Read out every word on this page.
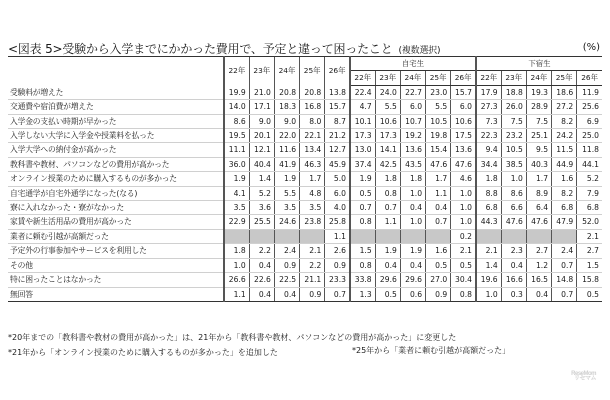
<図表 5>受験から入学までにかかった費用で、予定と違って困ったこと (複数選択)	(%)
	22年	23年	24年	25年	26年	自宅生					下宿生				
						22年	23年	24年	25年	26年	22年	23年	24年	25年	26年
受験料が増えた	19.9	21.0	20.8	20.8	13.8	22.4	24.0	22.7	23.0	15.7	17.9	18.8	19.3	18.6	11.9
交通費や宿泊費が増えた	14.0	17.1	18.3	16.8	15.7	4.7	5.5	6.0	5.5	6.0	27.3	26.0	28.9	27.2	25.6
入学金の支払い時期が早かった	8.6	9.0	9.0	8.0	8.7	10.1	10.6	10.7	10.5	10.6	7.3	7.5	7.5	8.2	6.9
入学しない大学に入学金や授業料を払った	19.5	20.1	22.0	22.1	21.2	17.3	17.3	19.2	19.8	17.5	22.3	23.2	25.1	24.2	25.0
入学大学への納付金が高かった	11.1	12.1	11.6	13.4	12.7	13.0	14.1	13.6	15.4	13.6	9.4	10.5	9.5	11.5	11.8
教科書や教材、パソコンなどの費用が高かった	36.0	40.4	41.9	46.3	45.9	37.4	42.5	43.5	47.6	47.6	34.4	38.5	40.3	44.9	44.1
オンライン授業のために購入するものが多かった	1.9	1.4	1.9	1.7	5.0	1.9	1.8	1.8	1.7	4.6	1.8	1.0	1.7	1.6	5.2
自宅通学が自宅外通学になった(なる)	4.1	5.2	5.5	4.8	6.0	0.5	0.8	1.0	1.1	1.0	8.8	8.6	8.9	8.2	7.9
寮に入れなかった・寮がなかった	3.5	3.6	3.5	3.5	4.0	0.7	0.7	0.4	0.4	1.0	6.8	6.6	6.4	6.8	6.8
家賃や新生活用品の費用が高かった	22.9	25.5	24.6	23.8	25.8	0.8	1.1	1.0	0.7	1.0	44.3	47.6	47.6	47.9	52.0
業者に頼む引越が高額だった					1.1					0.2					2.1
予定外の行事参加やサービスを利用した	1.8	2.2	2.4	2.1	2.6	1.5	1.9	1.9	1.6	2.1	2.1	2.3	2.7	2.4	2.7
その他	1.0	0.4	0.9	2.2	0.9	0.8	0.4	0.4	0.5	0.5	1.4	0.4	1.2	0.7	1.5
特に困ったことはなかった	26.6	22.6	22.5	21.1	23.3	33.8	29.6	29.6	27.0	30.4	19.6	16.6	16.5	14.8	15.8
無回答	1.1	0.4	0.4	0.9	0.7	1.3	0.5	0.6	0.9	0.8	1.0	0.3	0.4	0.7	0.5
*20年までの「教科書や教材の費用が高かった」は、21年から「教科書や教材、パソコンなどの費用が高かった」に変更した
*21年から「オンライン授業のために購入するものが多かった」を追加した	*25年から「業者に頼む引越が高額だった」
ReseMom
リセマム
